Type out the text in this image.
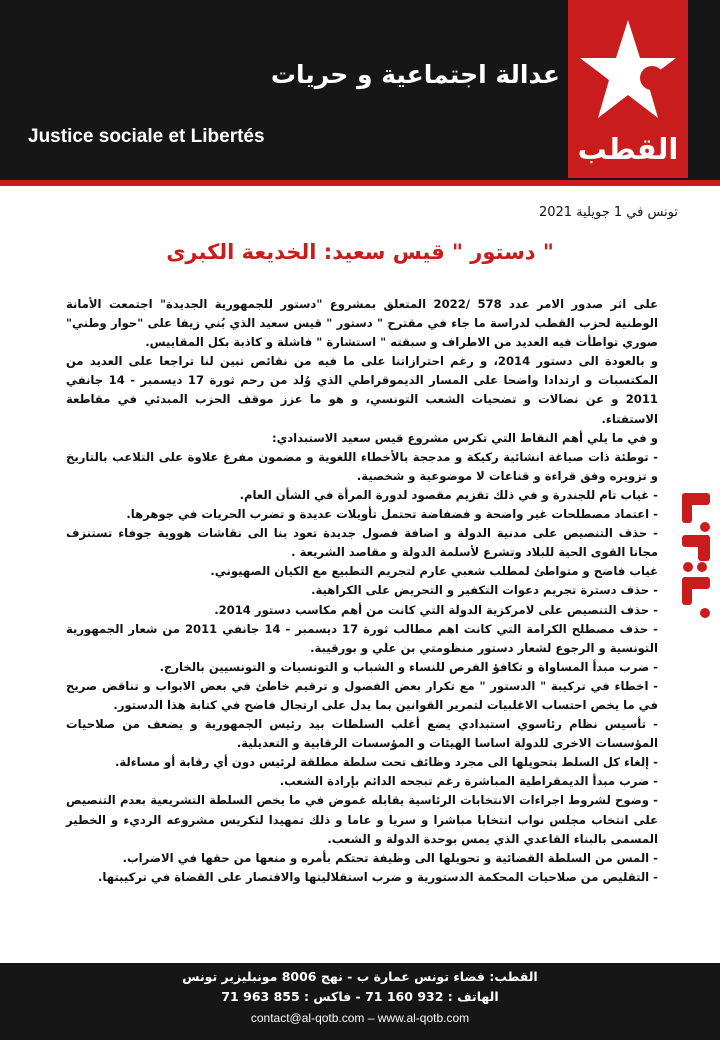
عدالة اجتماعية و حريات
Justice sociale et Libertés	القطب
تونس في 1 جويلية 2021
" دستور " قيس سعيد: الخديعة الكبرى

على اثر صدور الامر عدد 578 /2022 المتعلق بمشروع "دستور للجمهورية الجديدة" اجتمعت الأمانة الوطنية لحزب القطب لدراسة ما جاء في مقترح " دستور " قيس سعيد الذي بُني زيفا على "حوار وطني" صوري تواطأت فيه العديد من الاطراف و سبقته " استشارة " فاشلة و كاذبة بكل المقاييس.

و بالعودة الى دستور 2014، و رغم احترازاتنا على ما فيه من نقائص تبين لنا تراجعا على العديد من المكتسبات و ارتدادا واضحا على المسار الديموقراطي الذي وُلد من رحم ثورة 17 ديسمبر - 14 جانفي 2011 و عن نضالات و تضحيات الشعب التونسي، و هو ما عزز موقف الحزب المبدئي في مقاطعة الاستفتاء.

و في ما يلي أهم النقاط التي تكرس مشروع قيس سعيد الاستبدادي:

- توطئة ذات صياغة انشائية ركيكة و مدججة بالأخطاء اللغوية و مضمون مفرغ علاوة على التلاعب بالتاريخ و تزويره وفق قراءة و قناعات لا موضوعية و شخصية.

- غياب تام للجندرة و في ذلك تقزيم مقصود لدورة المرأة في الشأن العام.

- اعتماد مصطلحات غير واضحة و فضفاضة تحتمل تأويلات عديدة و تضرب الحريات في جوهرها.

- حذف التنصيص على مدنية الدولة و اضافة فصول جديدة تعود بنا الى نقاشات هووية جوفاء تستنزف مجانا القوى الحية للبلاد وتشرع لأسلمة الدولة و مقاصد الشريعة .

غياب فاضح و متواطئ لمطلب شعبي عارم لتجريم التطبيع مع الكيان الصهيوني.

- حذف دسترة تجريم دعوات التكفير و التحريض على الكراهية.

- حذف التنصيص على لامركزية الدولة التي كانت من أهم مكاسب دستور 2014.

- حذف مصطلح الكرامة التي كانت اهم مطالب ثورة 17 ديسمبر - 14 جانفي 2011 من شعار الجمهورية التونسية و الرجوع لشعار دستور منظومتي بن علي و بورقيبة.

- ضرب مبدأ المساواة و تكافؤ الفرص للنساء و الشباب و التونسيات و التونسيين بالخارج.

- اخطاء في تركيبة " الدستور " مع تكرار بعض الفصول و ترقيم خاطئ في بعض الابواب و تناقض صريح في ما يخص احتساب الاغلبيات لتمرير القوانين بما يدل على ارتجال فاضح في كتابة هذا الدستور.

- تأسيس نظام رئاسوي استبدادي يضع أغلب السلطات بيد رئيس الجمهورية و يضعف من صلاحيات المؤسسات الاخرى للدولة اساسا الهيئات و المؤسسات الرقابية و التعديلية.

- إلغاء كل السلط بتحويلها الى مجرد وظائف تحت سلطة مطلقة لرئيس دون أي رقابة أو مساءلة.

- ضرب مبدأ الديمقراطية المباشرة رغم تبجحه الدائم بإرادة الشعب.

- وضوح لشروط اجراءات الانتخابات الرئاسية يقابله غموض في ما يخص السلطة التشريعية بعدم التنصيص على انتخاب مجلس نواب انتخابا مباشرا و سريا و عاما و ذلك تمهيدا لتكريس مشروعه الرديء و الخطير المسمى بالبناء القاعدي الذي يمس بوحدة الدولة و الشعب.

- المس من السلطة القضائية و تحويلها الى وظيفة تحتكم بأمره و منعها من حقها في الاضراب.

- التقليص من صلاحيات المحكمة الدستورية و ضرب استقلاليتها والاقتصار على القضاة في تركيبتها.

القطب: فضاء تونس عمارة ب - نهج 8006 مونبليزير تونس
الهاتف : 932 160 71 - فاكس : 855 963 71
contact@al-qotb.com – www.al-qotb.com
